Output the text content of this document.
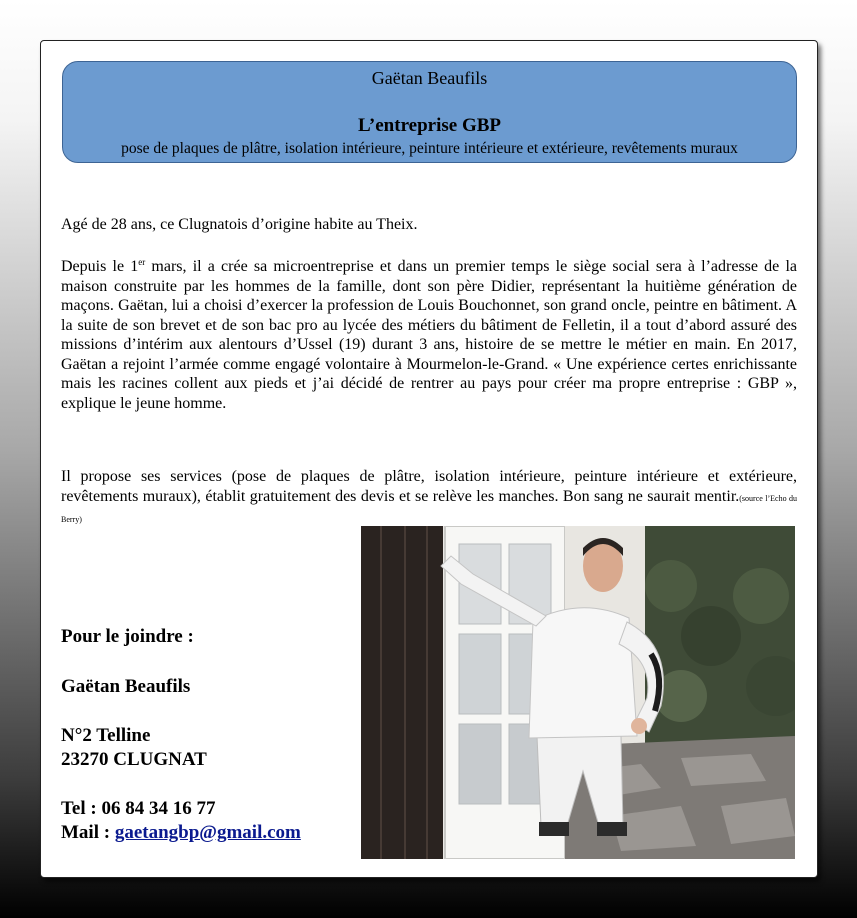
Gaëtan Beaufils
L’entreprise GBP
pose de plaques de plâtre, isolation intérieure, peinture intérieure et extérieure, revêtements muraux
Agé de 28 ans, ce Clugnatois d’origine habite au Theix.
Depuis le 1er mars, il a crée sa microentreprise et dans un premier temps le siège social sera à l’adresse de la maison construite par les hommes de la famille, dont son père Didier, représentant la huitième génération de maçons. Gaëtan, lui a choisi d’exercer la profession de Louis Bouchonnet, son grand oncle, peintre en bâtiment. A la suite de son brevet et de son bac pro au lycée des métiers du bâtiment de Felletin, il a tout d’abord assuré des missions d’intérim aux alentours d’Ussel (19) durant 3 ans, histoire de se mettre le métier en main. En 2017, Gaëtan a rejoint l’armée comme engagé volontaire à Mourmelon-le-Grand. « Une expérience certes enrichissante mais les racines collent aux pieds et j’ai décidé de rentrer au pays pour créer ma propre entreprise : GBP », explique le jeune homme.
Il propose ses services (pose de plaques de plâtre, isolation intérieure, peinture intérieure et extérieure, revêtements muraux), établit gratuitement des devis et se relève les manches. Bon sang ne saurait mentir.(source l’Echo du Berry)
Pour le joindre :
Gaëtan Beaufils
N°2 Telline
23270 CLUGNAT
Tel : 06 84 34 16 77
Mail : gaetangbp@gmail.com
